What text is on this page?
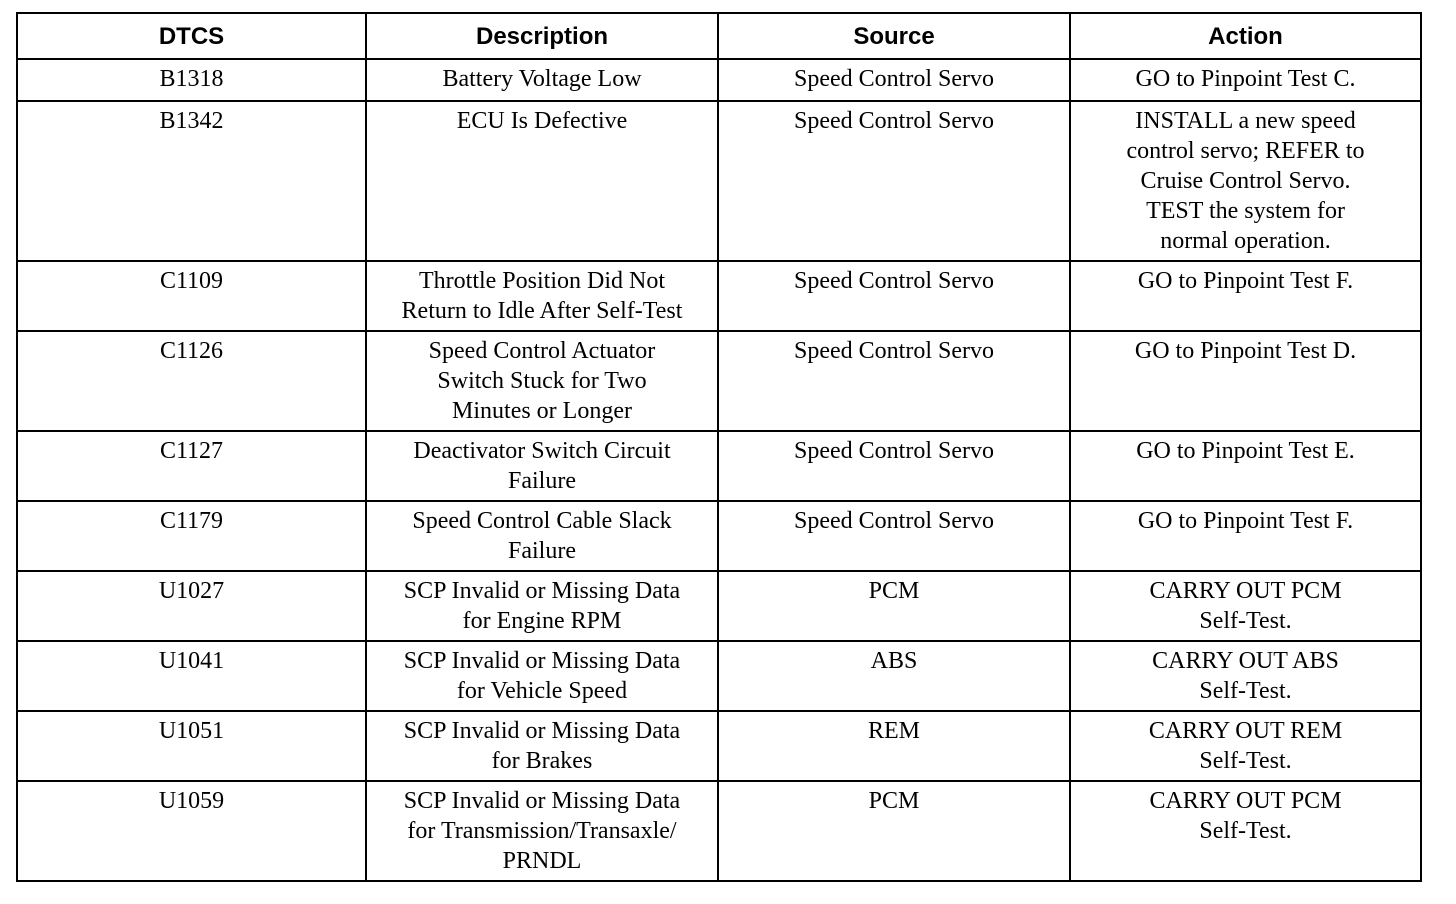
DTCS	Description	Source	Action
B1318	Battery Voltage Low	Speed Control Servo	GO to Pinpoint Test C.
B1342	ECU Is Defective	Speed Control Servo	INSTALL a new speed
control servo; REFER to
Cruise Control Servo.
TEST the system for
normal operation.
C1109	Throttle Position Did Not
Return to Idle After Self-Test	Speed Control Servo	GO to Pinpoint Test F.
C1126	Speed Control Actuator
Switch Stuck for Two
Minutes or Longer	Speed Control Servo	GO to Pinpoint Test D.
C1127	Deactivator Switch Circuit
Failure	Speed Control Servo	GO to Pinpoint Test E.
C1179	Speed Control Cable Slack
Failure	Speed Control Servo	GO to Pinpoint Test F.
U1027	SCP Invalid or Missing Data
for Engine RPM	PCM	CARRY OUT PCM
Self-Test.
U1041	SCP Invalid or Missing Data
for Vehicle Speed	ABS	CARRY OUT ABS
Self-Test.
U1051	SCP Invalid or Missing Data
for Brakes	REM	CARRY OUT REM
Self-Test.
U1059	SCP Invalid or Missing Data
for Transmission/Transaxle/
PRNDL	PCM	CARRY OUT PCM
Self-Test.
